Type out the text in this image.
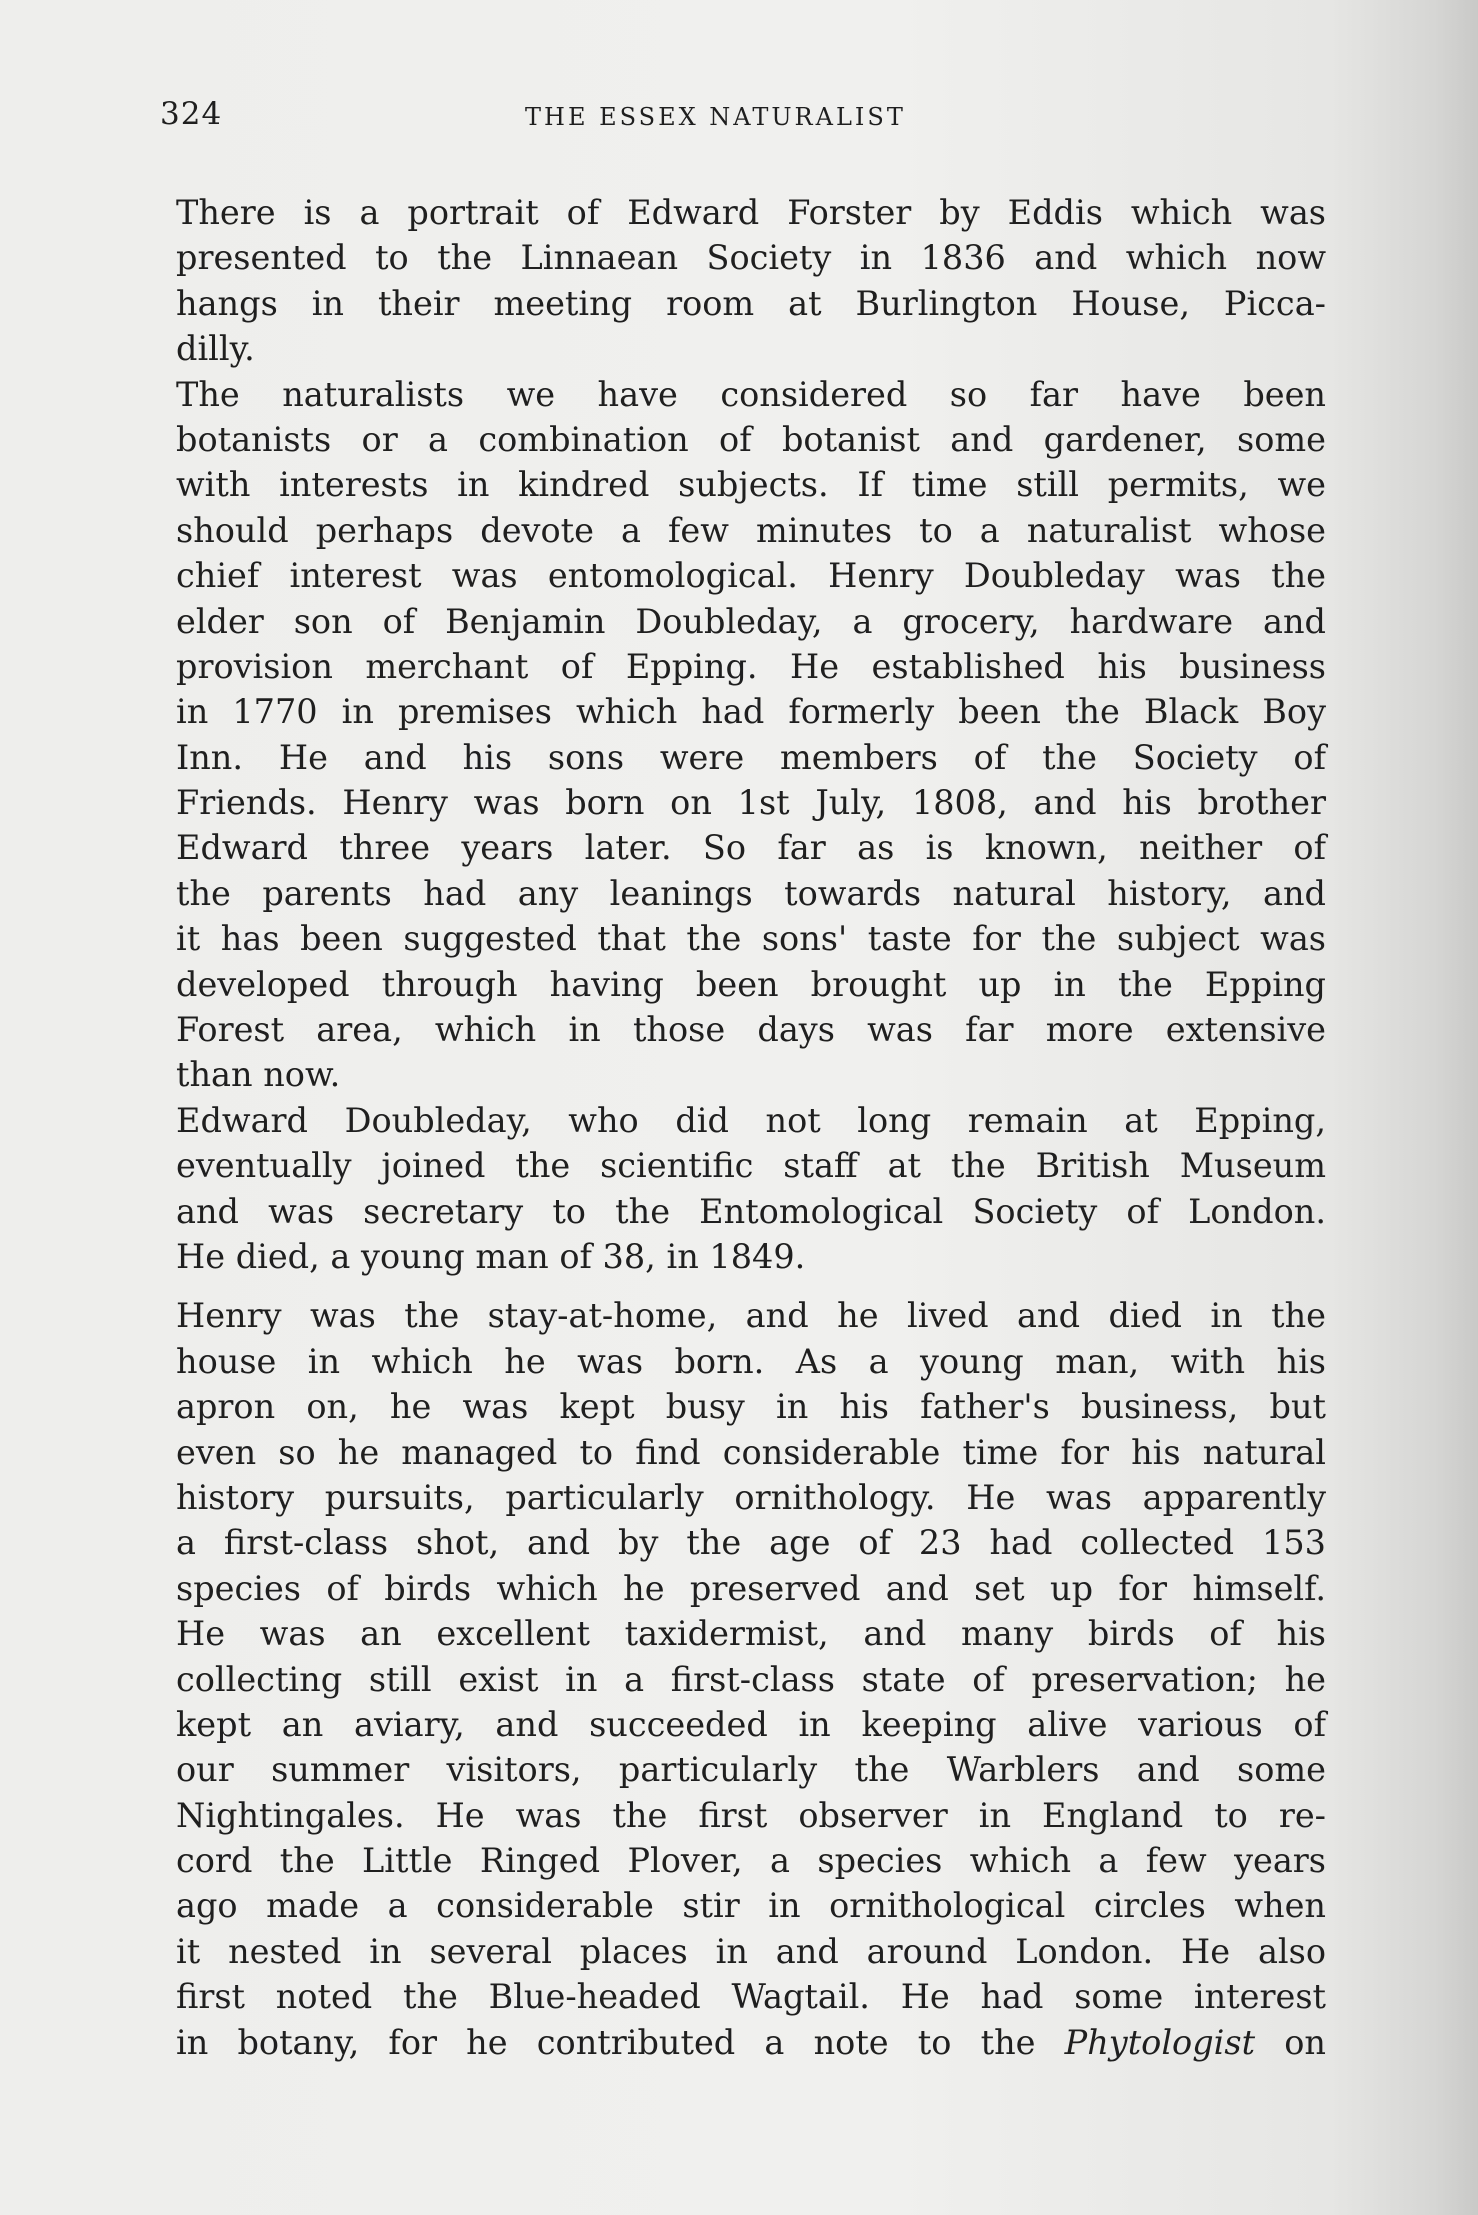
324	THE ESSEX NATURALIST

There is a portrait of Edward Forster by Eddis which was

presented to the Linnaean Society in 1836 and which now

hangs in their meeting room at Burlington House, Picca-

dilly.

The naturalists we have considered so far have been

botanists or a combination of botanist and gardener, some

with interests in kindred subjects. If time still permits, we

should perhaps devote a few minutes to a naturalist whose

chief interest was entomological. Henry Doubleday was the

elder son of Benjamin Doubleday, a grocery, hardware and

provision merchant of Epping. He established his business

in 1770 in premises which had formerly been the Black Boy

Inn. He and his sons were members of the Society of

Friends. Henry was born on 1st July, 1808, and his brother

Edward three years later. So far as is known, neither of

the parents had any leanings towards natural history, and

it has been suggested that the sons' taste for the subject was

developed through having been brought up in the Epping

Forest area, which in those days was far more extensive

than now.

Edward Doubleday, who did not long remain at Epping,

eventually joined the scientific staff at the British Museum

and was secretary to the Entomological Society of London.

He died, a young man of 38, in 1849.

Henry was the stay-at-home, and he lived and died in the

house in which he was born. As a young man, with his

apron on, he was kept busy in his father's business, but

even so he managed to find considerable time for his natural

history pursuits, particularly ornithology. He was apparently

a first-class shot, and by the age of 23 had collected 153

species of birds which he preserved and set up for himself.

He was an excellent taxidermist, and many birds of his

collecting still exist in a first-class state of preservation; he

kept an aviary, and succeeded in keeping alive various of

our summer visitors, particularly the Warblers and some

Nightingales. He was the first observer in England to re-

cord the Little Ringed Plover, a species which a few years

ago made a considerable stir in ornithological circles when

it nested in several places in and around London. He also

first noted the Blue-headed Wagtail. He had some interest

in botany, for he contributed a note to the Phytologist on
